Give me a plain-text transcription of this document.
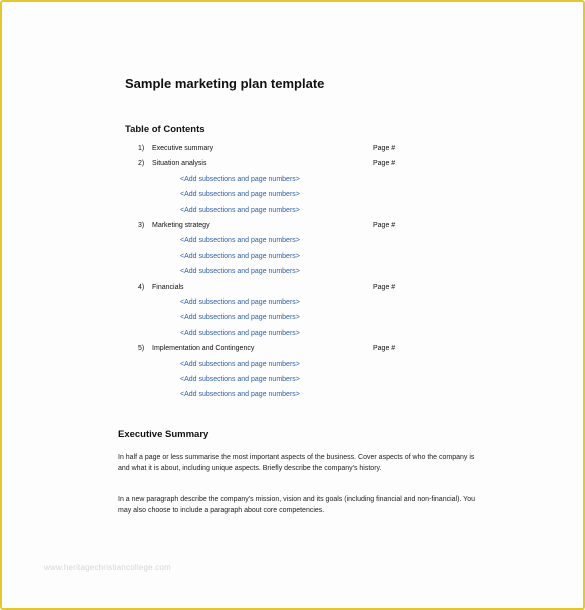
Sample marketing plan template
Table of Contents
1) Executive summary	Page #
2) Situation analysis	Page #
<Add subsections and page numbers>
<Add subsections and page numbers>
<Add subsections and page numbers>
3) Marketing strategy	Page #
<Add subsections and page numbers>
<Add subsections and page numbers>
<Add subsections and page numbers>
4) Financials	Page #
<Add subsections and page numbers>
<Add subsections and page numbers>
<Add subsections and page numbers>
5) Implementation and Contingency	Page #
<Add subsections and page numbers>
<Add subsections and page numbers>
<Add subsections and page numbers>
Executive Summary
In half a page or less summarise the most important aspects of the business. Cover aspects of who the company is and what it is about, including unique aspects. Briefly describe the company's history.
In a new paragraph describe the company's mission, vision and its goals (including financial and non-financial). You may also choose to include a paragraph about core competencies.
www.heritagechristiancollege.com
